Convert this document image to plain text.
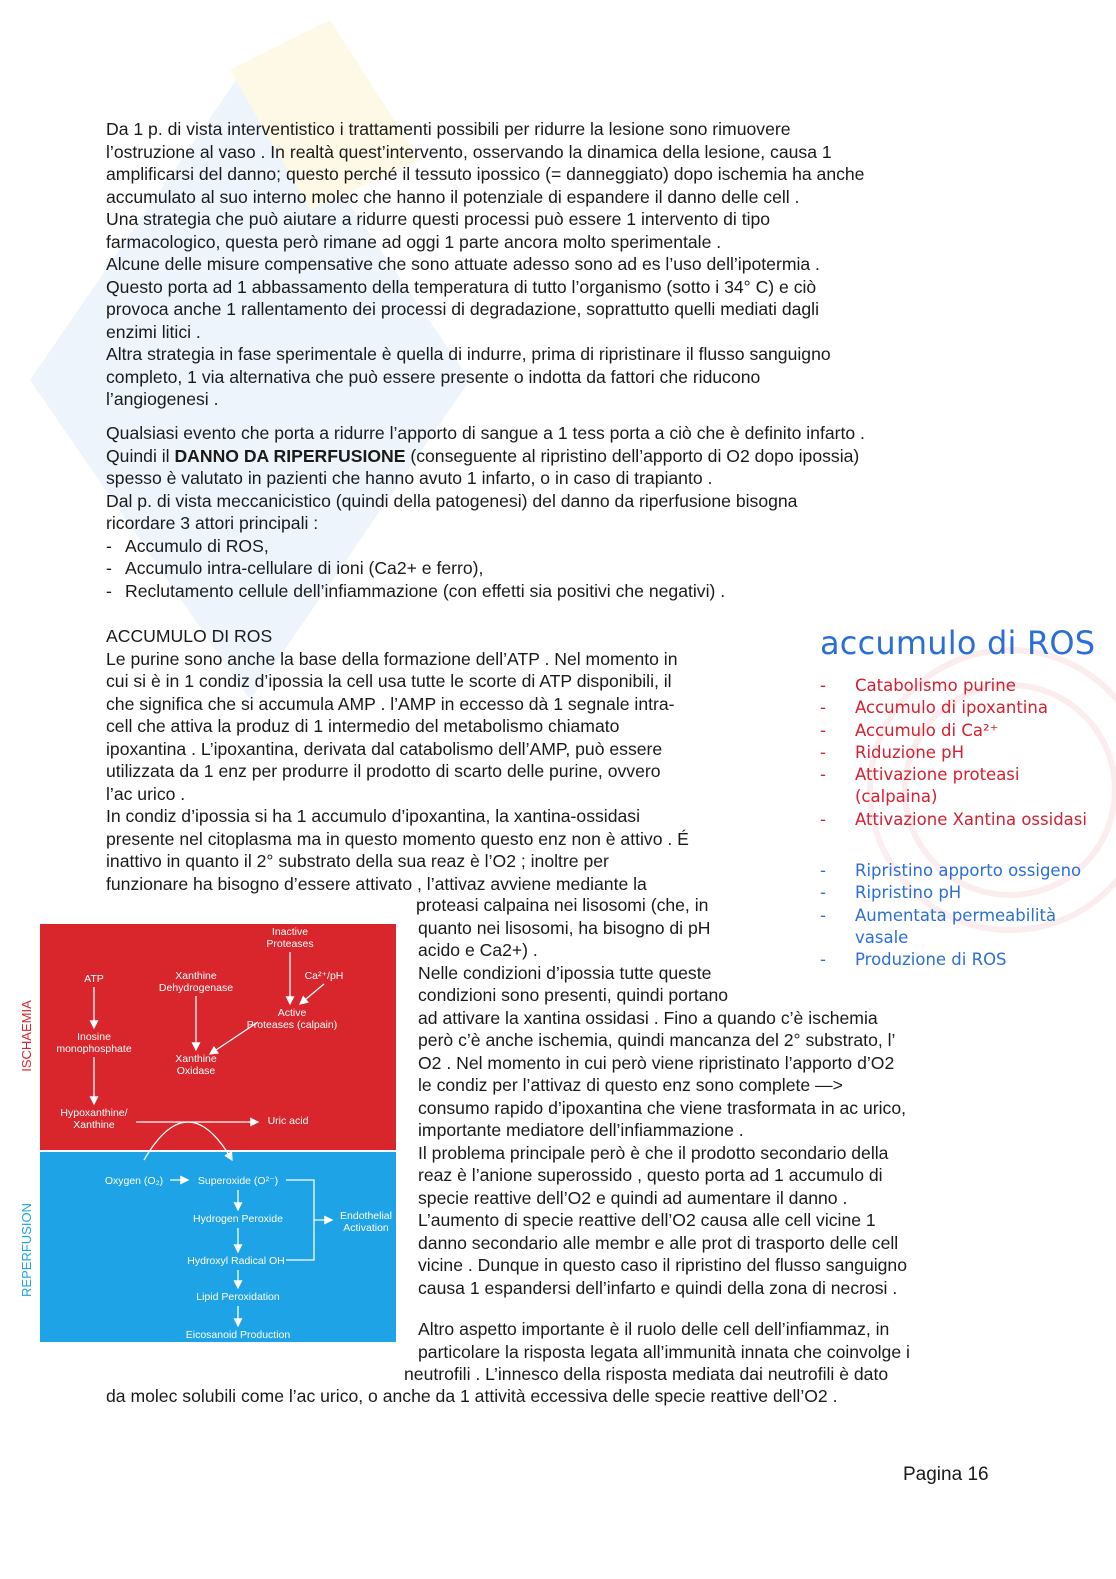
Da 1 p. di vista interventistico i trattamenti possibili per ridurre la lesione sono rimuovere
l’ostruzione al vaso . In realtà quest’intervento, osservando la dinamica della lesione, causa 1
amplificarsi del danno; questo perché il tessuto ipossico (= danneggiato) dopo ischemia ha anche
accumulato al suo interno molec che hanno il potenziale di espandere il danno delle cell .
Una strategia che può aiutare a ridurre questi processi può essere 1 intervento di tipo
farmacologico, questa però rimane ad oggi 1 parte ancora molto sperimentale .
Alcune delle misure compensative che sono attuate adesso sono ad es l’uso dell’ipotermia .
Questo porta ad 1 abbassamento della temperatura di tutto l’organismo (sotto i 34° C) e ciò
provoca anche 1 rallentamento dei processi di degradazione, soprattutto quelli mediati dagli
enzimi litici .
Altra strategia in fase sperimentale è quella di indurre, prima di ripristinare il flusso sanguigno
completo, 1 via alternativa che può essere presente o indotta da fattori che riducono
l’angiogenesi .
Qualsiasi evento che porta a ridurre l’apporto di sangue a 1 tess porta a ciò che è definito infarto .
Quindi il DANNO DA RIPERFUSIONE (conseguente al ripristino dell’apporto di O2 dopo ipossia)
spesso è valutato in pazienti che hanno avuto 1 infarto, o in caso di trapianto .
Dal p. di vista meccanicistico (quindi della patogenesi) del danno da riperfusione bisogna
ricordare 3 attori principali :
- Accumulo di ROS,
- Accumulo intra-cellulare di ioni (Ca2+ e ferro),
- Reclutamento cellule dell’infiammazione (con effetti sia positivi che negativi) .
ACCUMULO DI ROS
Le purine sono anche la base della formazione dell’ATP . Nel momento in
cui si è in 1 condiz d’ipossia la cell usa tutte le scorte di ATP disponibili, il
che significa che si accumula AMP . l’AMP in eccesso dà 1 segnale intra-
cell che attiva la produz di 1 intermedio del metabolismo chiamato
ipoxantina . L’ipoxantina, derivata dal catabolismo dell’AMP, può essere
utilizzata da 1 enz per produrre il prodotto di scarto delle purine, ovvero
l’ac urico .
In condiz d’ipossia si ha 1 accumulo d’ipoxantina, la xantina-ossidasi
presente nel citoplasma ma in questo momento questo enz non è attivo . É
inattivo in quanto il 2° substrato della sua reaz è l’O2 ; inoltre per
funzionare ha bisogno d’essere attivato , l’attivaz avviene mediante la
proteasi calpaina nei lisosomi (che, in
quanto nei lisosomi, ha bisogno di pH
acido e Ca2+) .
Nelle condizioni d’ipossia tutte queste
condizioni sono presenti, quindi portano
ad attivare la xantina ossidasi . Fino a quando c’è ischemia
però c’è anche ischemia, quindi mancanza del 2° substrato, l’
O2 . Nel momento in cui però viene ripristinato l’apporto d’O2
le condiz per l’attivaz di questo enz sono complete —>
consumo rapido d’ipoxantina che viene trasformata in ac urico,
importante mediatore dell’infiammazione .
Il problema principale però è che il prodotto secondario della
reaz è l’anione superossido , questo porta ad 1 accumulo di
specie reattive dell’O2 e quindi ad aumentare il danno .
L’aumento di specie reattive dell’O2 causa alle cell vicine 1
danno secondario alle membr e alle prot di trasporto delle cell
vicine . Dunque in questo caso il ripristino del flusso sanguigno
causa 1 espandersi dell’infarto e quindi della zona di necrosi .
Altro aspetto importante è il ruolo delle cell dell’infiammaz, in
particolare la risposta legata all’immunità innata che coinvolge i
neutrofili . L’innesco della risposta mediata dai neutrofili è dato
da molec solubili come l’ac urico, o anche da 1 attività eccessiva delle specie reattive dell’O2 .
accumulo di ROS
-	Catabolismo purine
-	Accumulo di ipoxantina
-	Accumulo di Ca²⁺
-	Riduzione pH
-	Attivazione proteasi
(calpaina)
-	Attivazione Xantina ossidasi
-	Ripristino apporto ossigeno
-	Ripristino pH
-	Aumentata permeabilità
vasale
-	Produzione di ROS
ISCHAEMIA
REPERFUSION
Inactive
Proteases
ATP	Xanthine
Dehydrogenase
Ca²⁺/pH
Active
Proteases (calpain)
Inosine
monophosphate
Xanthine
Oxidase
Hypoxanthine/
Xanthine	Uric acid
Oxygen (O₂)	Superoxide (O²⁻)
Hydrogen Peroxide	Endothelial
Activation
Hydroxyl Radical OH
Lipid Peroxidation
Eicosanoid Production
Pagina 16
